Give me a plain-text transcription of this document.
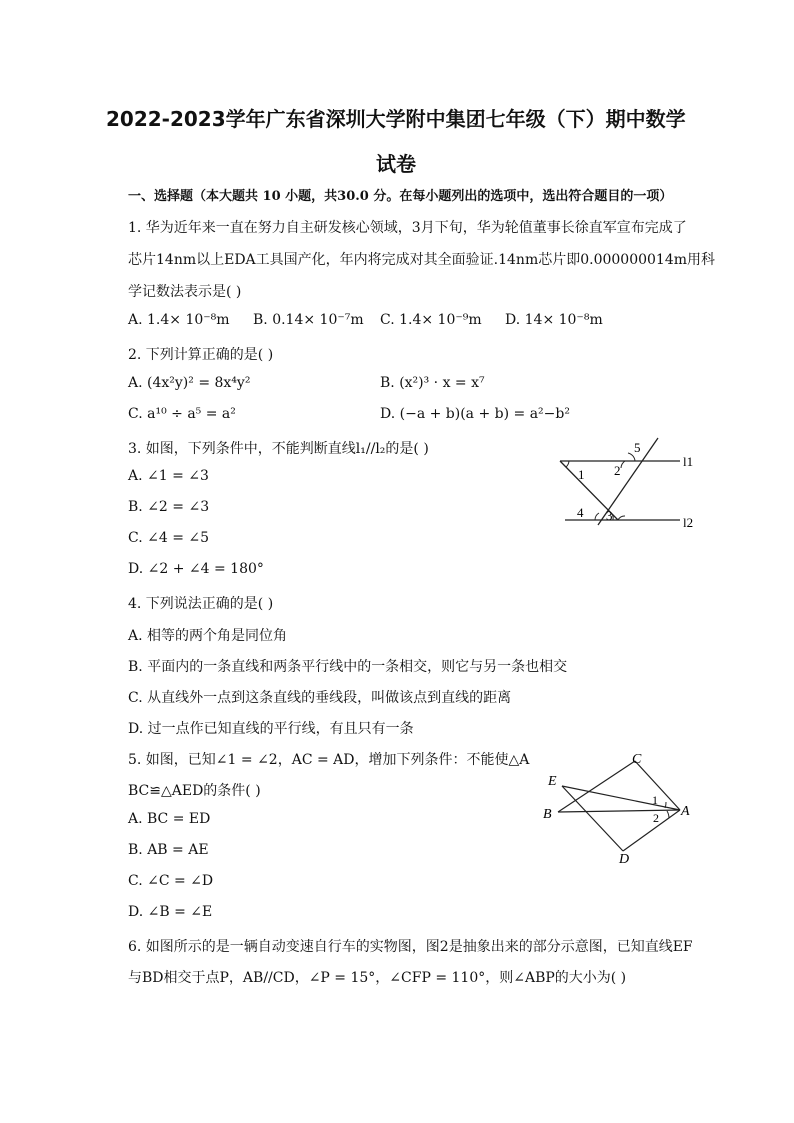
2022-2023学年广东省深圳大学附中集团七年级（下）期中数学
试卷
一、选择题（本大题共 10 小题，共30.0 分。在每小题列出的选项中，选出符合题目的一项）
1. 华为近年来一直在努力自主研发核心领域，3月下旬，华为轮值董事长徐直军宣布完成了
芯片14nm以上EDA工具国产化，年内将完成对其全面验证.14nm芯片即0.000000014m用科
学记数法表示是( )
A. 1.4× 10⁻⁸m B. 0.14× 10⁻⁷m C. 1.4× 10⁻⁹m D. 14× 10⁻⁸m
2. 下列计算正确的是( )
A. (4x²y)² = 8x⁴y²	B. (x²)³ · x = x⁷
C. a¹⁰ ÷ a⁵ = a²	D. (−a + b)(a + b) = a²−b²
3. 如图，下列条件中，不能判断直线l₁//l₂的是( )
A. ∠1 = ∠3
B. ∠2 = ∠3
C. ∠4 = ∠5
D. ∠2 + ∠4 = 180°
5
2
1
l1
4 3	l2
4. 下列说法正确的是( )
A. 相等的两个角是同位角
B. 平面内的一条直线和两条平行线中的一条相交，则它与另一条也相交
C. 从直线外一点到这条直线的垂线段，叫做该点到直线的距离
D. 过一点作已知直线的平行线，有且只有一条
5. 如图，已知∠1 = ∠2，AC = AD，增加下列条件：不能使△A
BC≌△AED的条件( )
A. BC = ED
B. AB = AE
C. ∠C = ∠D
D. ∠B = ∠E
C
E
1
B	A
2
D
6. 如图所示的是一辆自动变速自行车的实物图，图2是抽象出来的部分示意图，已知直线EF
与BD相交于点P，AB//CD，∠P = 15°，∠CFP = 110°，则∠ABP的大小为( )
